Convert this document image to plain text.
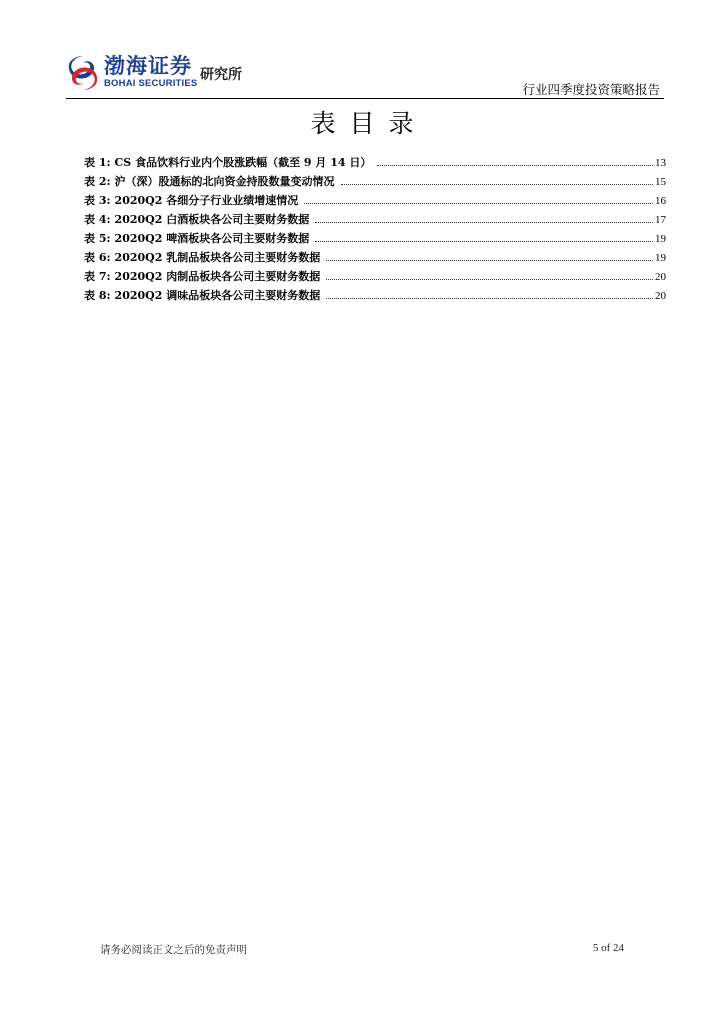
渤海证券
BOHAI SECURITIES
研究所
行业四季度投资策略报告
表目录
表 1: CS 食品饮料行业内个股涨跌幅（截至 9 月 14 日）	13
表 2: 沪（深）股通标的北向资金持股数量变动情况	15
表 3: 2020Q2 各细分子行业业绩增速情况	16
表 4: 2020Q2 白酒板块各公司主要财务数据	17
表 5: 2020Q2 啤酒板块各公司主要财务数据	19
表 6: 2020Q2 乳制品板块各公司主要财务数据	19
表 7: 2020Q2 肉制品板块各公司主要财务数据	20
表 8: 2020Q2 调味品板块各公司主要财务数据	20
请务必阅读正文之后的免责声明	5 of 24
